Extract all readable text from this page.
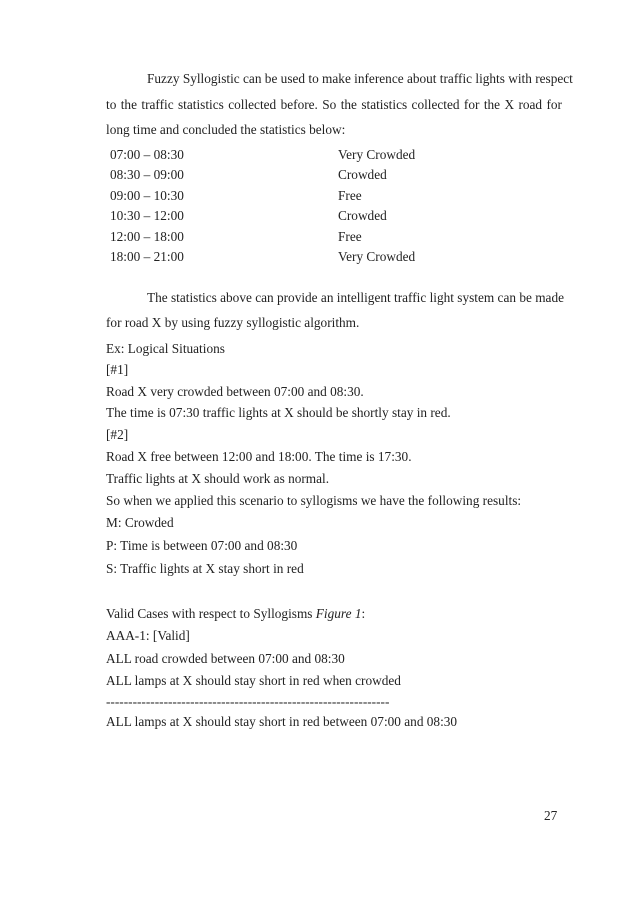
Fuzzy Syllogistic can be used to make inference about traffic lights with respect
to the traffic statistics collected before. So the statistics collected for the X road for
long time and concluded the statistics below:
07:00 – 08:30	Very Crowded
08:30 – 09:00	Crowded
09:00 – 10:30	Free
10:30 – 12:00	Crowded
12:00 – 18:00	Free
18:00 – 21:00	Very Crowded
The statistics above can provide an intelligent traffic light system can be made
for road X by using fuzzy syllogistic algorithm.
Ex: Logical Situations
[#1]
Road X very crowded between 07:00 and 08:30.
The time is 07:30 traffic lights at X should be shortly stay in red.
[#2]
Road X free between 12:00 and 18:00. The time is 17:30.
Traffic lights at X should work as normal.
So when we applied this scenario to syllogisms we have the following results:
M: Crowded
P: Time is between 07:00 and 08:30
S: Traffic lights at X stay short in red
Valid Cases with respect to Syllogisms Figure 1:
AAA-1: [Valid]
ALL road crowded between 07:00 and 08:30
ALL lamps at X should stay short in red when crowded
----------------------------------------------------------------
ALL lamps at X should stay short in red between 07:00 and 08:30
27
